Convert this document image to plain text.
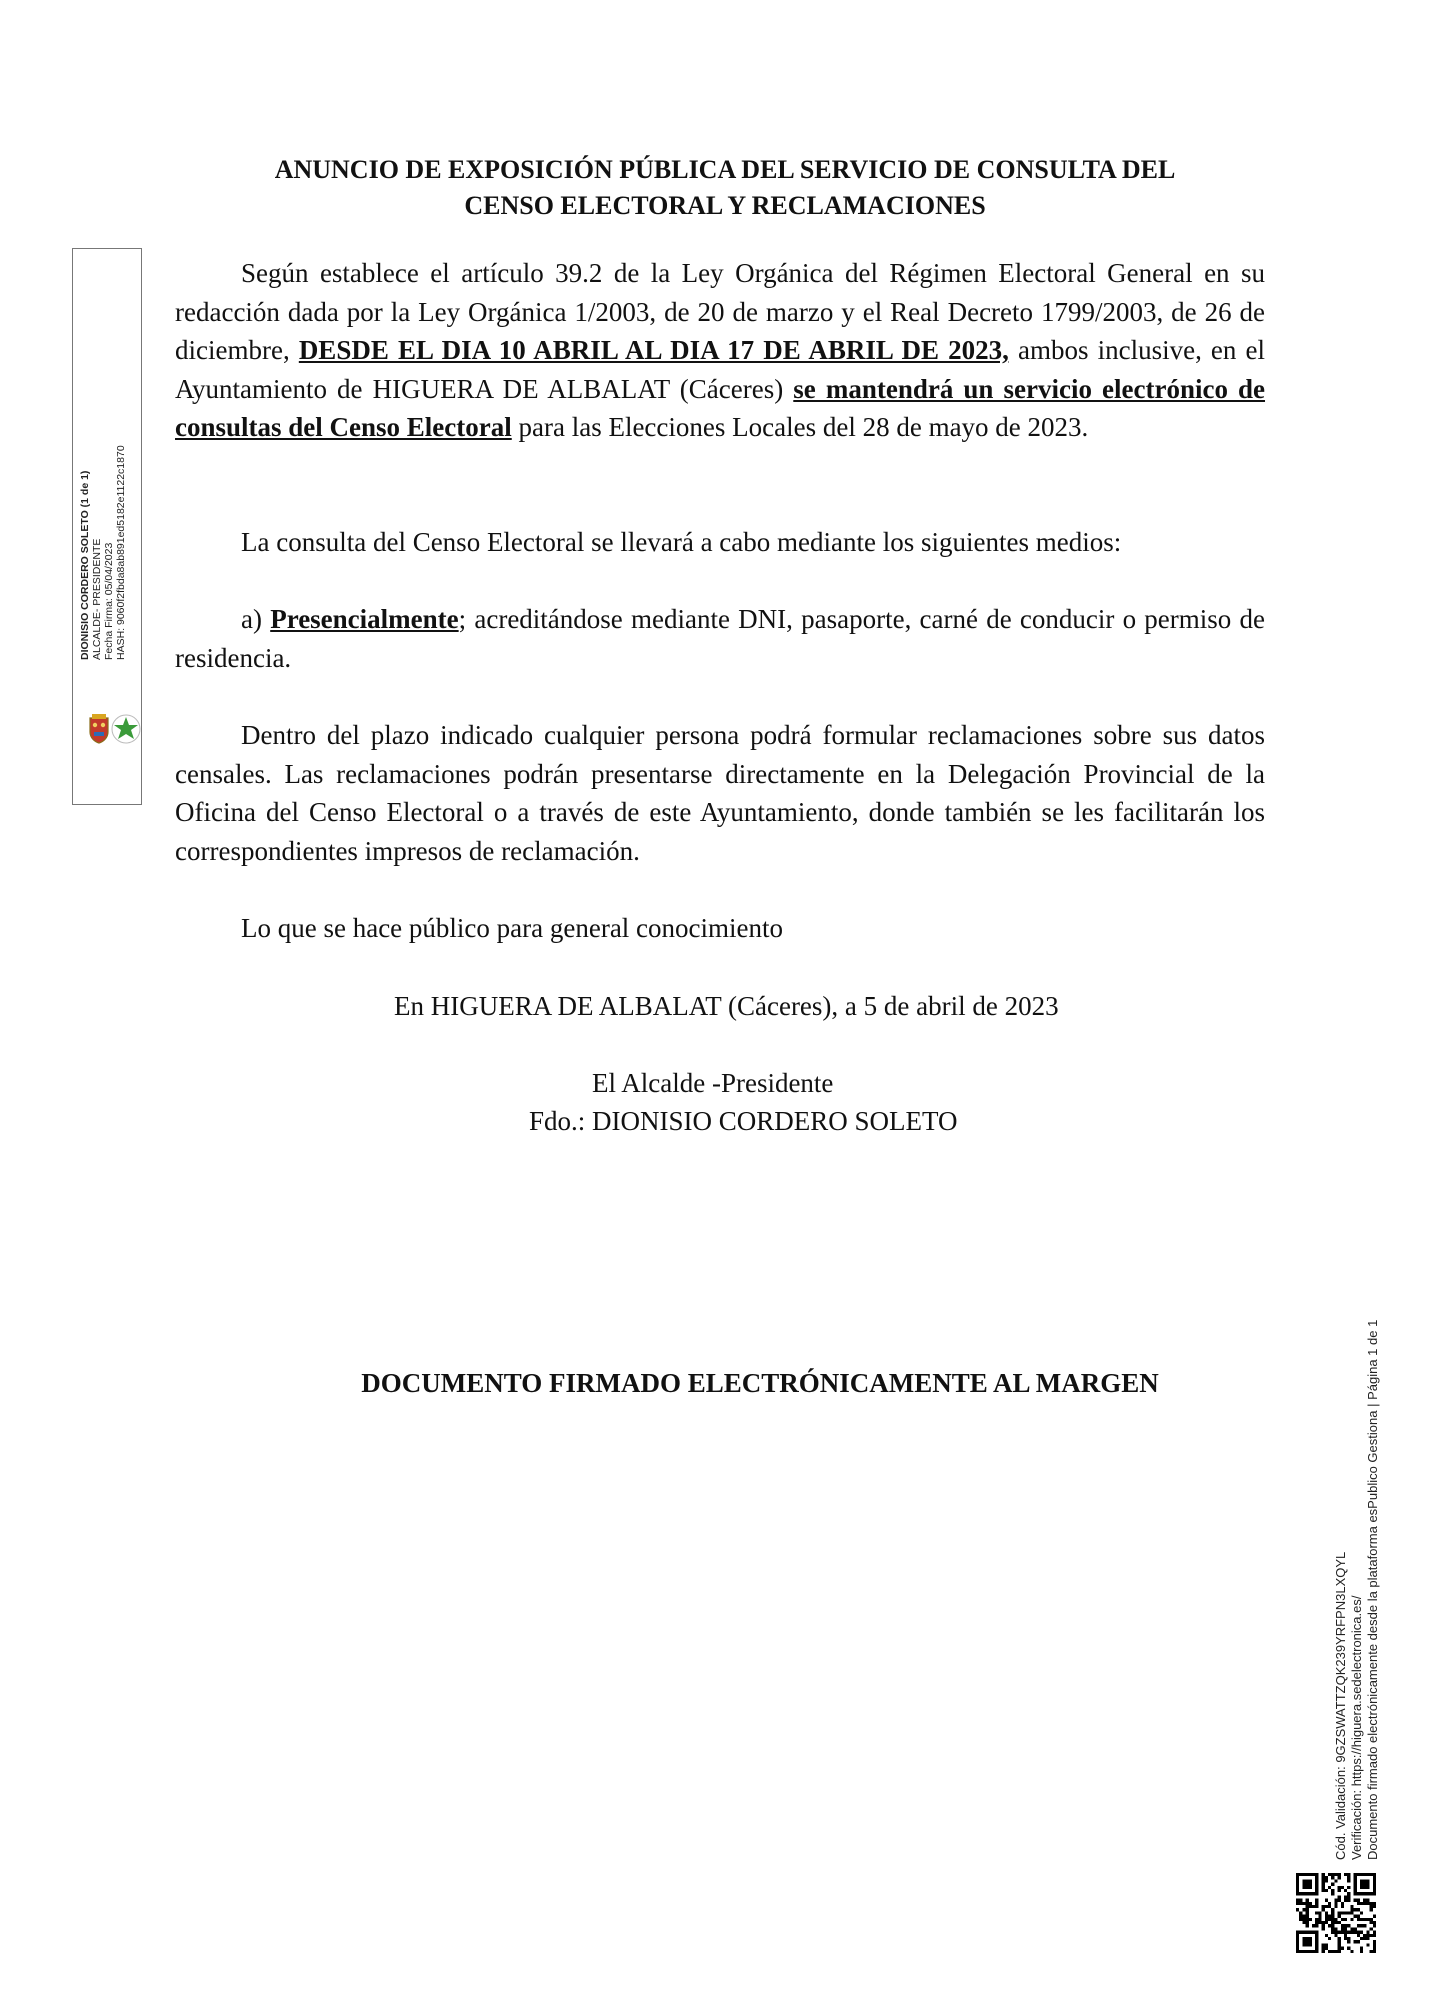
DIONISIO CORDERO SOLETO (1 de 1) ALCALDE- PRESIDENTE Fecha Firma: 05/04/2023 HASH: 9060f2fbda8ab891ed5182e1122c1870
ANUNCIO DE EXPOSICIÓN PÚBLICA DEL SERVICIO DE CONSULTA DEL
CENSO ELECTORAL Y RECLAMACIONES
Según establece el artículo 39.2 de la Ley Orgánica del Régimen Electoral General en su redacción dada por la Ley Orgánica 1/2003, de 20 de marzo y el Real Decreto 1799/2003, de 26 de diciembre, DESDE EL DIA 10 ABRIL AL DIA 17 DE ABRIL DE 2023, ambos inclusive, en el Ayuntamiento de HIGUERA DE ALBALAT (Cáceres) se mantendrá un servicio electrónico de consultas del Censo Electoral para las Elecciones Locales del 28 de mayo de 2023.
La consulta del Censo Electoral se llevará a cabo mediante los siguientes medios:
a) Presencialmente; acreditándose mediante DNI, pasaporte, carné de conducir o permiso de residencia.
Dentro del plazo indicado cualquier persona podrá formular reclamaciones sobre sus datos censales. Las reclamaciones podrán presentarse directamente en la Delegación Provincial de la Oficina del Censo Electoral o a través de este Ayuntamiento, donde también se les facilitarán los correspondientes impresos de reclamación.
Lo que se hace público para general conocimiento
En HIGUERA DE ALBALAT (Cáceres), a 5 de abril de 2023
El Alcalde -Presidente
Fdo.: DIONISIO CORDERO SOLETO
DOCUMENTO FIRMADO ELECTRÓNICAMENTE AL MARGEN
Cód. Validación: 9GZSWATTZQK239YRFPN3LXQYL Verificación: https://higuera.sedelectronica.es/ Documento firmado electrónicamente desde la plataforma esPublico Gestiona | Página 1 de 1
